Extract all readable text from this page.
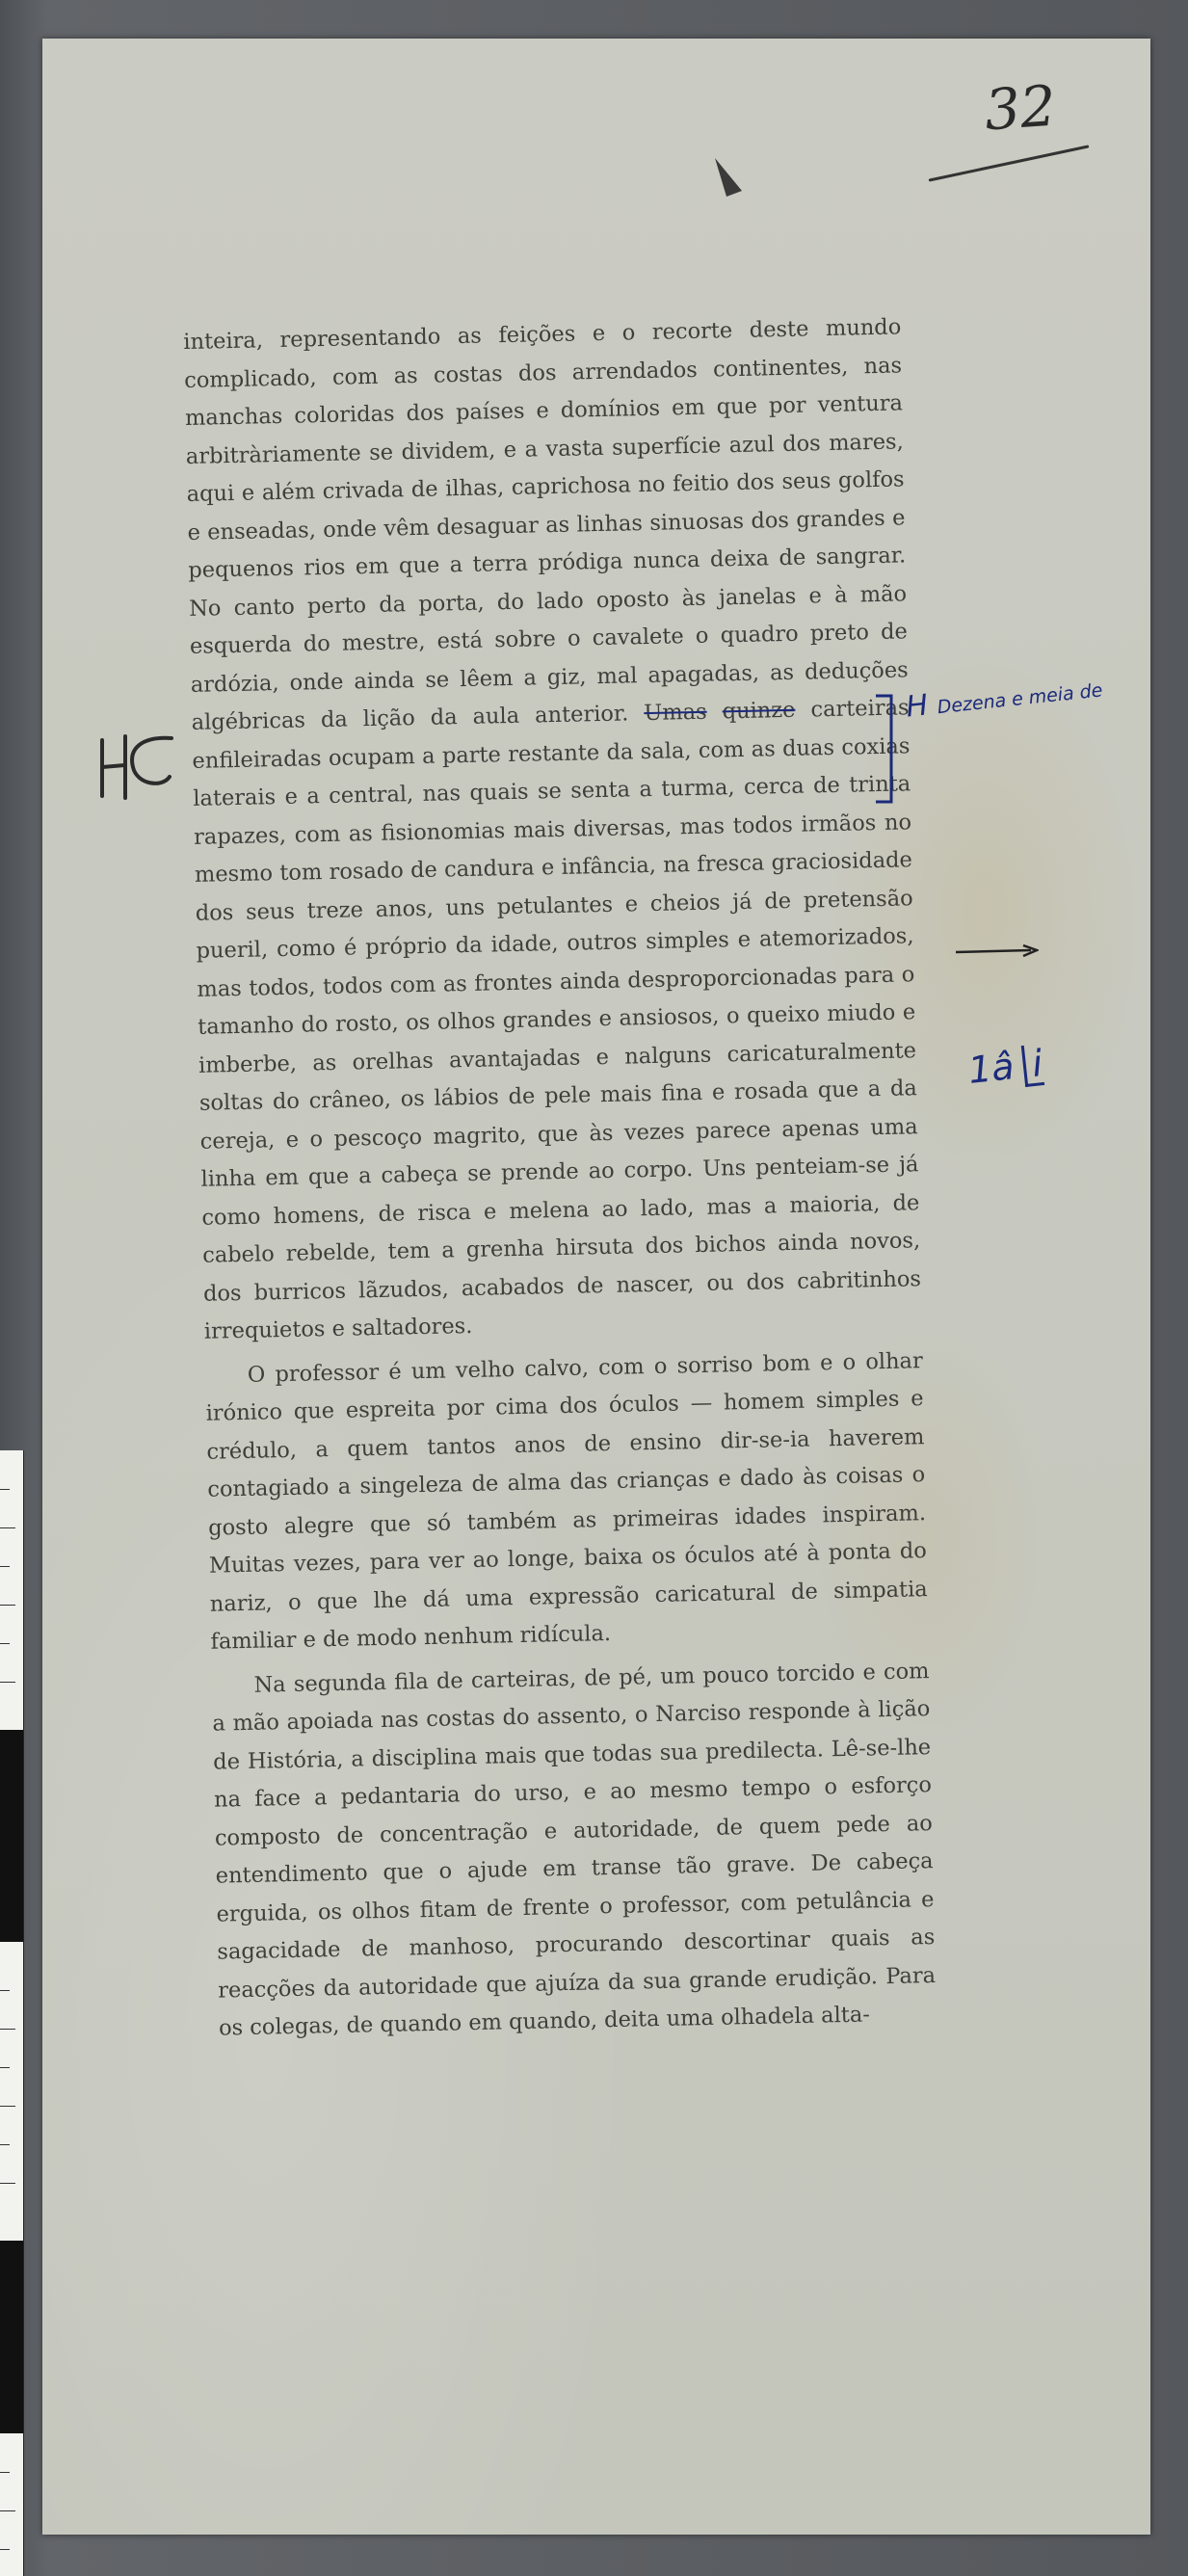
32

inteira, representando as feições e o recorte deste mundo complicado, com as costas dos arrendados continentes, nas manchas coloridas dos países e domínios em que por ventura arbitràriamente se dividem, e a vasta superfície azul dos mares, aqui e além crivada de ilhas, caprichosa no feitio dos seus golfos e enseadas, onde vêm desaguar as linhas sinuosas dos grandes e pequenos rios em que a terra pródiga nunca deixa de sangrar. No canto perto da porta, do lado oposto às janelas e à mão esquerda do mestre, está sobre o cavalete o quadro preto de ardózia, onde ainda se lêem a giz, mal apagadas, as deduções algébricas da lição da aula anterior. Umas quinze carteiras enfileiradas ocupam a parte restante da sala, com as duas coxias laterais e a central, nas quais se senta a turma, cerca de trinta rapazes, com as fisionomias mais diversas, mas todos irmãos no mesmo tom rosado de candura e infância, na fresca graciosidade dos seus treze anos, uns petulantes e cheios já de pretensão pueril, como é próprio da idade, outros simples e atemorizados, mas todos, todos com as frontes ainda desproporcionadas para o tamanho do rosto, os olhos grandes e ansiosos, o queixo miudo e imberbe, as orelhas avantajadas e nalguns caricaturalmente soltas do crâneo, os lábios de pele mais fina e rosada que a da cereja, e o pescoço magrito, que às vezes parece apenas uma linha em que a cabeça se prende ao corpo. Uns penteiam-se já como homens, de risca e melena ao lado, mas a maioria, de cabelo rebelde, tem a grenha hirsuta dos bichos ainda novos, dos burricos lãzudos, acabados de nascer, ou dos cabritinhos irrequietos e saltadores.

O professor é um velho calvo, com o sorriso bom e o olhar irónico que espreita por cima dos óculos — homem simples e crédulo, a quem tantos anos de ensino dir-se-ia haverem contagiado a singeleza de alma das crianças e dado às coisas o gosto alegre que só também as primeiras idades inspiram. Muitas vezes, para ver ao longe, baixa os óculos até à ponta do nariz, o que lhe dá uma expressão caricatural de simpatia familiar e de modo nenhum ridícula.

Na segunda fila de carteiras, de pé, um pouco torcido e com a mão apoiada nas costas do assento, o Narciso responde à lição de História, a disciplina mais que todas sua predilecta. Lê-se-lhe na face a pedantaria do urso, e ao mesmo tempo o esforço composto de concentração e autoridade, de quem pede ao entendimento que o ajude em transe tão grave. De cabeça erguida, os olhos fitam de frente o professor, com petulância e sagacidade de manhoso, procurando descortinar quais as reacções da autoridade que ajuíza da sua grande erudição. Para os colegas, de quando em quando, deita uma olhadela alta-

H Dezena e meia de
1â i
